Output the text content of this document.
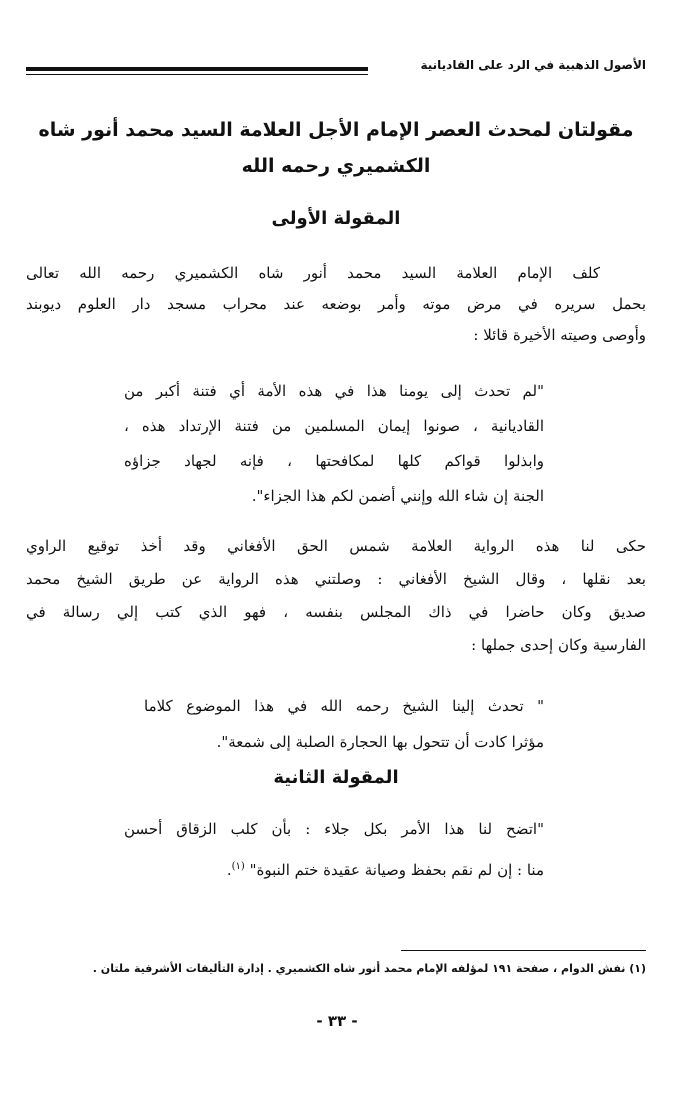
الأصول الذهبية في الرد على القاديانية
مقولتان لمحدث العصر الإمام الأجل العلامة السيد محمد أنور شاه
الكشميري رحمه الله
المقولة الأولى
كلف الإمام العلامة السيد محمد أنور شاه الكشميري رحمه الله تعالى
بحمل سريره في مرض موته وأمر بوضعه عند محراب مسجد دار العلوم ديوبند
وأوصى وصيته الأخيرة قائلا :
"لم تحدث إلى يومنا هذا في هذه الأمة أي فتنة أكبر من
القاديانية ، صونوا إيمان المسلمين من فتنة الإرتداد هذه ،
وابذلوا قواكم كلها لمكافحتها ، فإنه لجهاد جزاؤه
الجنة إن شاء الله وإنني أضمن لكم هذا الجزاء".
حكى لنا هذه الرواية العلامة شمس الحق الأفغاني وقد أخذ توقيع الراوي
بعد نقلها ، وقال الشيخ الأفغاني : وصلتني هذه الرواية عن طريق الشيخ محمد
صديق وكان حاضرا في ذاك المجلس بنفسه ، فهو الذي كتب إلي رسالة في
الفارسية وكان إحدى جملها :
" تحدث إلينا الشيخ رحمه الله في هذا الموضوع كلاما
مؤثرا كادت أن تتحول بها الحجارة الصلبة إلى شمعة".
المقولة الثانية
"اتضح لنا هذا الأمر بكل جلاء : بأن كلب الزقاق أحسن
منا : إن لم نقم بحفظ وصيانة عقيدة ختم النبوة" $^{(١)}$.
(١) نفش الدوام ، صفحة ١٩١ لمؤلفه الإمام محمد أنور شاه الكشميري . إدارة التأليفات الأشرفية ملتان .
- ٣٣ -
